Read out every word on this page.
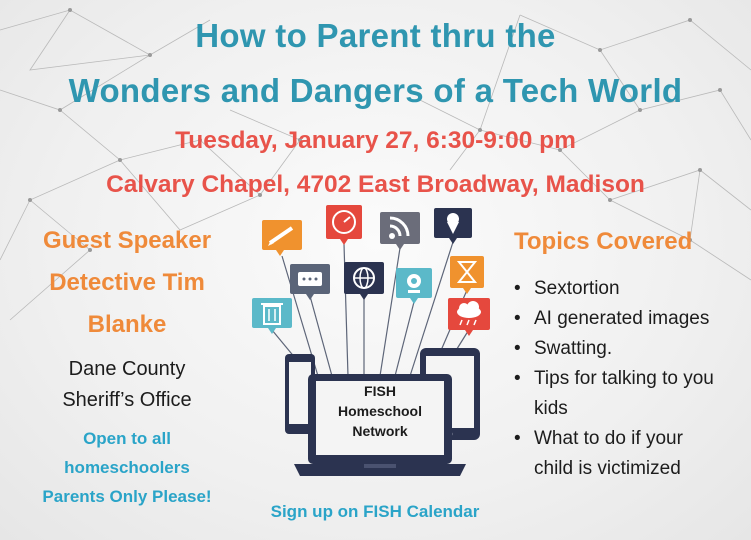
How to Parent thru the
Wonders and Dangers of a Tech World
Tuesday, January 27, 6:30-9:00 pm
Calvary Chapel, 4702 East Broadway, Madison
Guest Speaker
Detective Tim
Blanke
Dane County
Sheriff’s Office
Open to all
homeschoolers
Parents Only Please!
Topics Covered
• Sextortion
• AI generated images
• Swatting.
• Tips for talking to you
kids
• What to do if your
child is victimized
FISH
Homeschool
Network
Sign up on FISH Calendar
